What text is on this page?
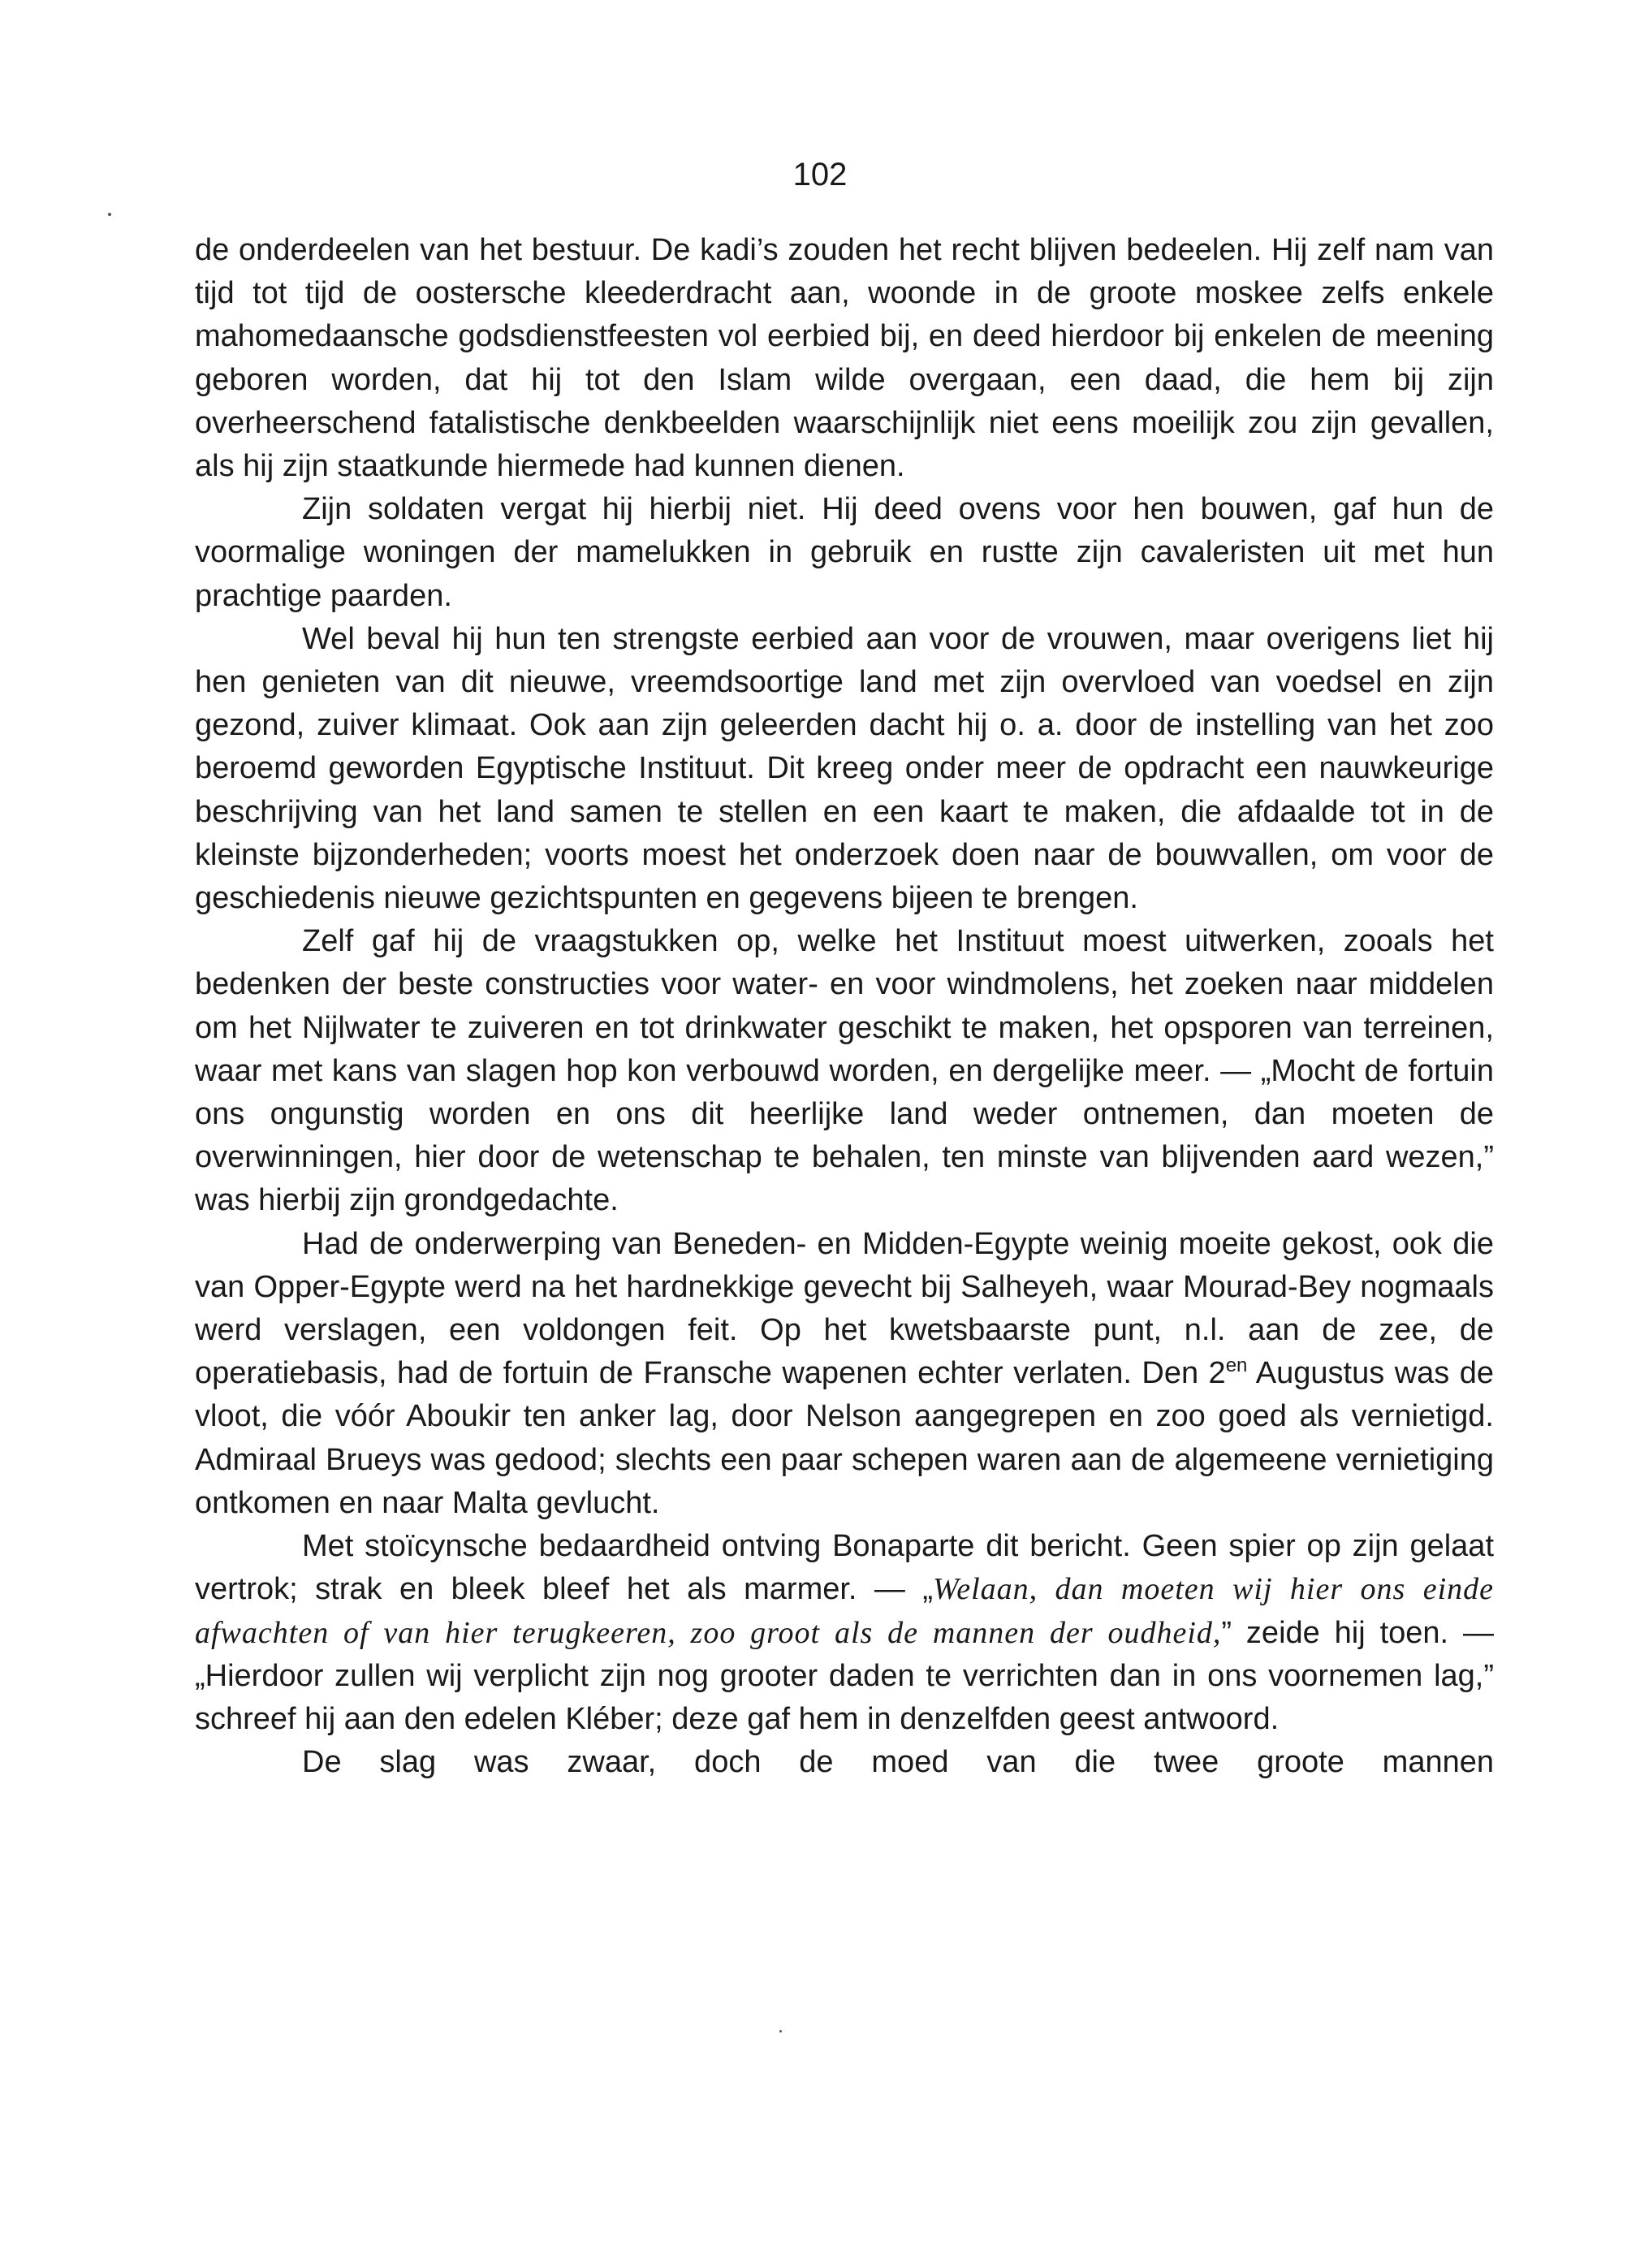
102

de onderdeelen van het bestuur. De kadi’s zouden het recht blijven bedeelen. Hij zelf nam van tijd tot tijd de oostersche kleederdracht aan, woonde in de groote moskee zelfs enkele mahomedaansche godsdienstfeesten vol eerbied bij, en deed hierdoor bij enkelen de meening geboren worden, dat hij tot den Islam wilde overgaan, een daad, die hem bij zijn overheerschend fatalistische denkbeelden waarschijnlijk niet eens moeilijk zou zijn gevallen, als hij zijn staatkunde hiermede had kunnen dienen.

Zijn soldaten vergat hij hierbij niet. Hij deed ovens voor hen bouwen, gaf hun de voormalige woningen der mamelukken in gebruik en rustte zijn cavaleristen uit met hun prachtige paarden.

Wel beval hij hun ten strengste eerbied aan voor de vrouwen, maar overigens liet hij hen genieten van dit nieuwe, vreemdsoortige land met zijn overvloed van voedsel en zijn gezond, zuiver klimaat. Ook aan zijn geleerden dacht hij o. a. door de instelling van het zoo beroemd geworden Egyptische Instituut. Dit kreeg onder meer de opdracht een nauwkeurige beschrijving van het land samen te stellen en een kaart te maken, die afdaalde tot in de kleinste bijzonderheden; voorts moest het onderzoek doen naar de bouwvallen, om voor de geschiedenis nieuwe gezichtspunten en gegevens bijeen te brengen.

Zelf gaf hij de vraagstukken op, welke het Instituut moest uitwerken, zooals het bedenken der beste constructies voor water- en voor windmolens, het zoeken naar middelen om het Nijlwater te zuiveren en tot drinkwater geschikt te maken, het opsporen van terreinen, waar met kans van slagen hop kon verbouwd worden, en dergelijke meer. — „Mocht de fortuin ons ongunstig worden en ons dit heerlijke land weder ontnemen, dan moeten de overwinningen, hier door de wetenschap te behalen, ten minste van blijvenden aard wezen,” was hierbij zijn grondgedachte.

Had de onderwerping van Beneden- en Midden-Egypte weinig moeite gekost, ook die van Opper-Egypte werd na het hardnekkige gevecht bij Salheyeh, waar Mourad-Bey nogmaals werd verslagen, een voldongen feit. Op het kwetsbaarste punt, n.l. aan de zee, de operatiebasis, had de fortuin de Fransche wapenen echter verlaten. Den $2^{en}$ Augustus was de vloot, die vóór Aboukir ten anker lag, door Nelson aangegrepen en zoo goed als vernietigd. Admiraal Brueys was gedood; slechts een paar schepen waren aan de algemeene vernietiging ontkomen en naar Malta gevlucht.

Met stoïcynsche bedaardheid ontving Bonaparte dit bericht. Geen spier op zijn gelaat vertrok; strak en bleek bleef het als marmer. — „Welaan, dan moeten wij hier ons einde afwachten of van hier terugkeeren, zoo groot als de mannen der oudheid,” zeide hij toen. — „Hierdoor zullen wij verplicht zijn nog grooter daden te verrichten dan in ons voornemen lag,” schreef hij aan den edelen Kléber; deze gaf hem in denzelfden geest antwoord.

De slag was zwaar, doch de moed van die twee groote mannen
